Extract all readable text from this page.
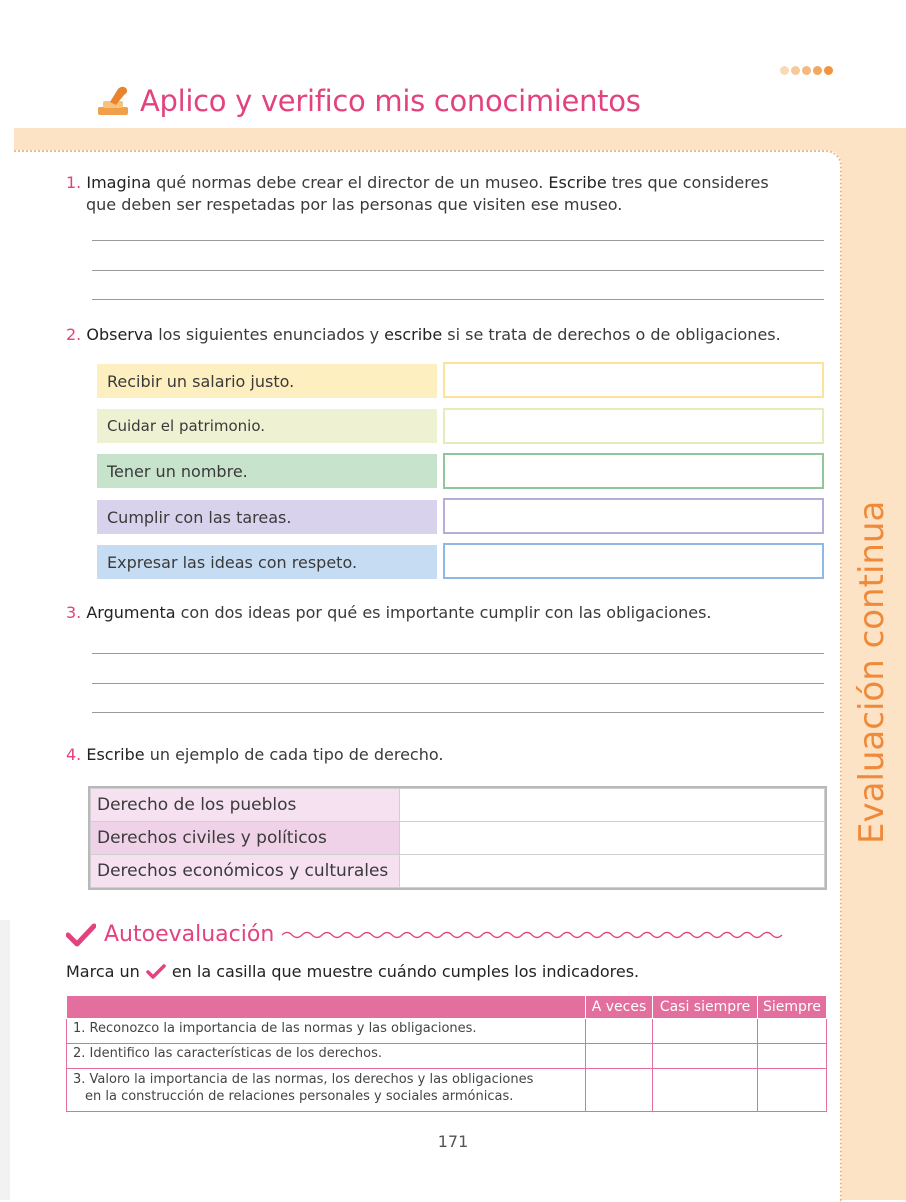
Aplico y verifico mis conocimientos
Evaluación continua
1. Imagina qué normas debe crear el director de un museo. Escribe tres que consideres
que deben ser respetadas por las personas que visiten ese museo.
2. Observa los siguientes enunciados y escribe si se trata de derechos o de obligaciones.
Recibir un salario justo.
Cuidar el patrimonio.
Tener un nombre.
Cumplir con las tareas.
Expresar las ideas con respeto.
3. Argumenta con dos ideas por qué es importante cumplir con las obligaciones.
4. Escribe un ejemplo de cada tipo de derecho.
Derecho de los pueblos	
Derechos civiles y políticos	
Derechos económicos y culturales	
Autoevaluación
Marca un en la casilla que muestre cuándo cumples los indicadores.
	A veces	Casi siempre	Siempre
1. Reconozco la importancia de las normas y las obligaciones.			
2. Identifico las características de los derechos.			

3. Valoro la importancia de las normas, los derechos y las obligaciones
en la construcción de relaciones personales y sociales armónicas.			

171
